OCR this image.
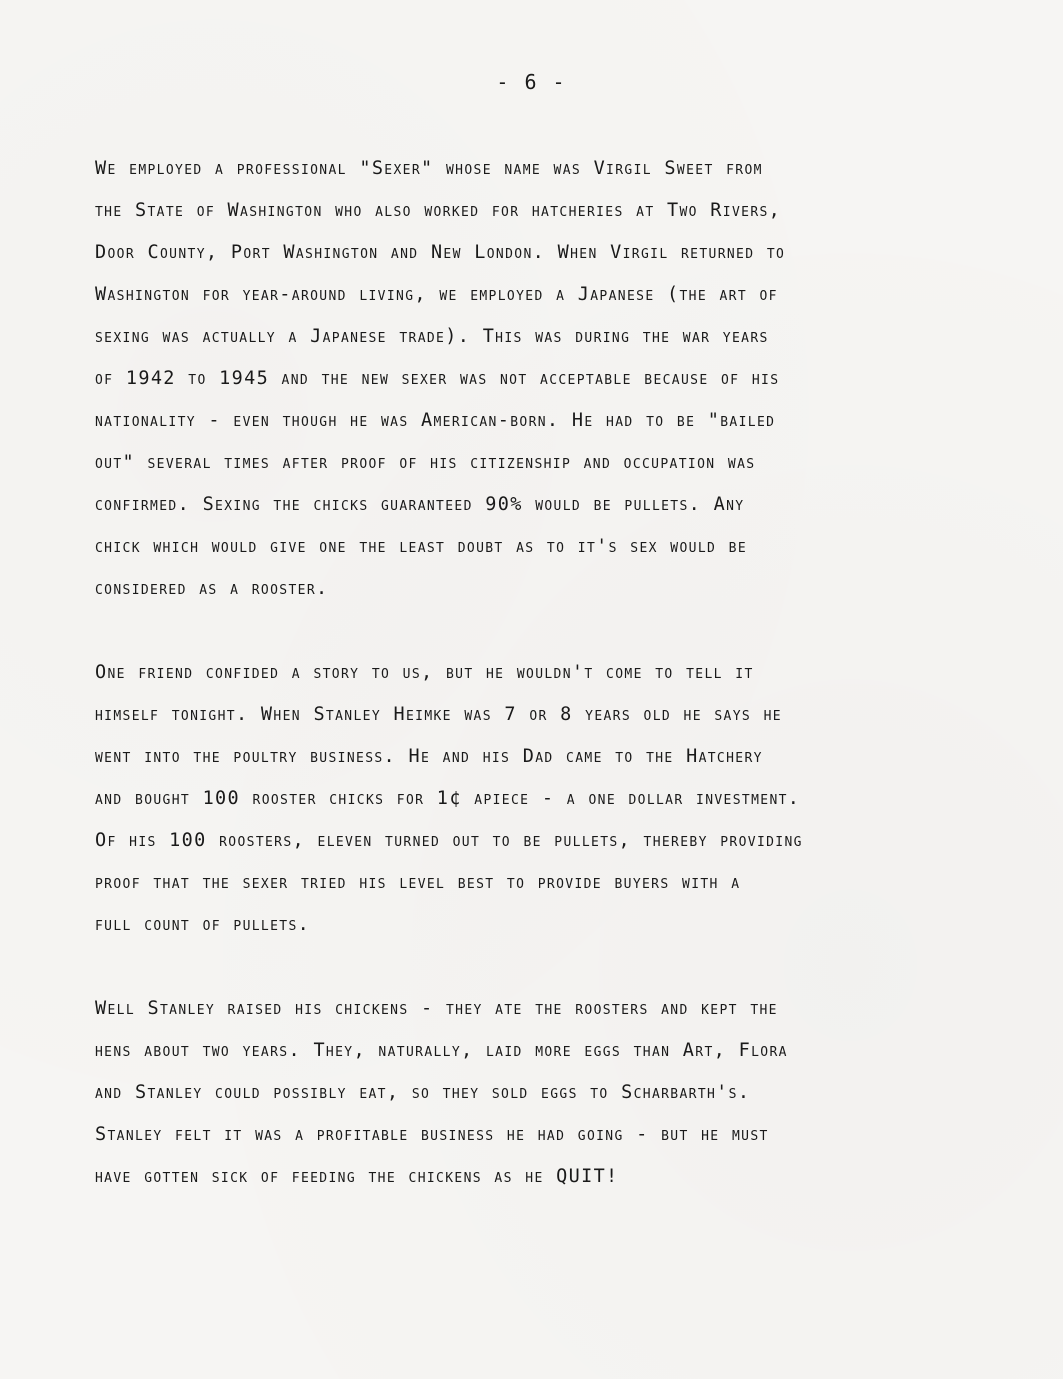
- 6 -
We employed a professional "Sexer" whose name was Virgil Sweet from
the State of Washington who also worked for hatcheries at Two Rivers,
Door County, Port Washington and New London. When Virgil returned to
Washington for year-around living, we employed a Japanese (the art of
sexing was actually a Japanese trade). This was during the war years
of 1942 to 1945 and the new sexer was not acceptable because of his
nationality - even though he was American-born. He had to be "bailed
out" several times after proof of his citizenship and occupation was
confirmed. Sexing the chicks guaranteed 90% would be pullets. Any
chick which would give one the least doubt as to it's sex would be
considered as a rooster.
One friend confided a story to us, but he wouldn't come to tell it
himself tonight. When Stanley Heimke was 7 or 8 years old he says he
went into the poultry business. He and his Dad came to the Hatchery
and bought 100 rooster chicks for 1¢ apiece - a one dollar investment.
Of his 100 roosters, eleven turned out to be pullets, thereby providing
proof that the sexer tried his level best to provide buyers with a
full count of pullets.
Well Stanley raised his chickens - they ate the roosters and kept the
hens about two years. They, naturally, laid more eggs than Art, Flora
and Stanley could possibly eat, so they sold eggs to Scharbarth's.
Stanley felt it was a profitable business he had going - but he must
have gotten sick of feeding the chickens as he QUIT!
